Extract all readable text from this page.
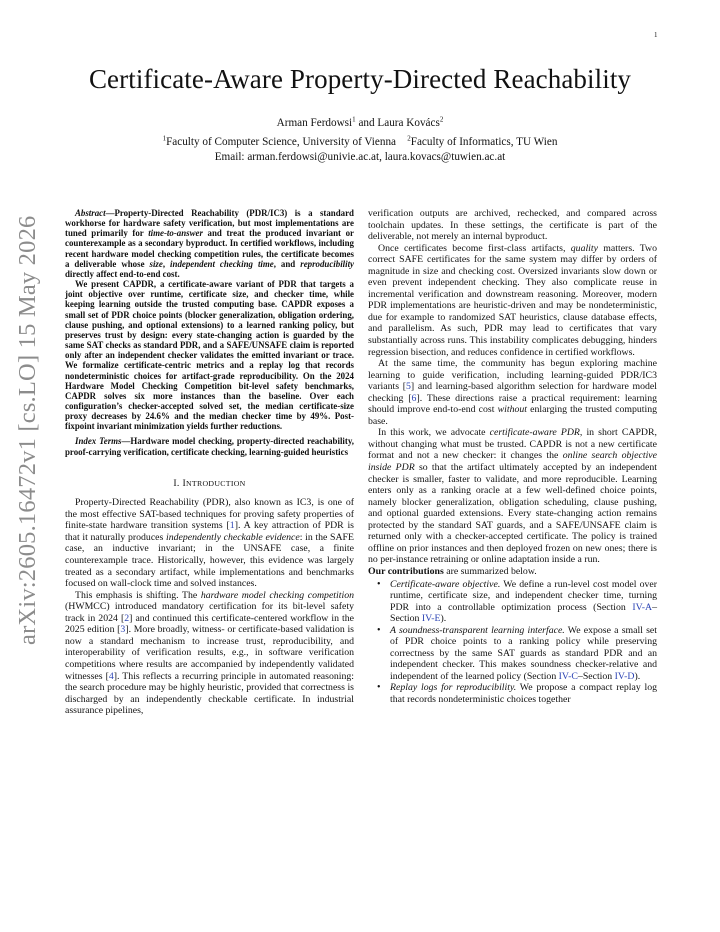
1
arXiv:2605.16472v1 [cs.LO] 15 May 2026
Certificate-Aware Property-Directed Reachability
Arman Ferdowsi$^1$ and Laura Kovács$^2$
$^1$Faculty of Computer Science, University of Vienna $^2$Faculty of Informatics, TU Wien
Email: arman.ferdowsi@univie.ac.at, laura.kovacs@tuwien.ac.at

Abstract—Property-Directed Reachability (PDR/IC3) is a standard workhorse for hardware safety verification, but most implementations are tuned primarily for time-to-answer and treat the produced invariant or counterexample as a secondary byproduct. In certified workflows, including recent hardware model checking competition rules, the certificate becomes a deliverable whose size, independent checking time, and reproducibility directly affect end-to-end cost.

We present CAPDR, a certificate-aware variant of PDR that targets a joint objective over runtime, certificate size, and checker time, while keeping learning outside the trusted computing base. CAPDR exposes a small set of PDR choice points (blocker generalization, obligation ordering, clause pushing, and optional extensions) to a learned ranking policy, but preserves trust by design: every state-changing action is guarded by the same SAT checks as standard PDR, and a SAFE/UNSAFE claim is reported only after an independent checker validates the emitted invariant or trace. We formalize certificate-centric metrics and a replay log that records nondeterministic choices for artifact-grade reproducibility. On the 2024 Hardware Model Checking Competition bit-level safety benchmarks, CAPDR solves six more instances than the baseline. Over each configuration’s checker-accepted solved set, the median certificate-size proxy decreases by 24.6% and the median checker time by 49%. Post-fixpoint invariant minimization yields further reductions.

Index Terms—Hardware model checking, property-directed reachability, proof-carrying verification, certificate checking, learning-guided heuristics

I. INTRODUCTION

Property-Directed Reachability (PDR), also known as IC3, is one of the most effective SAT-based techniques for proving safety properties of finite-state hardware transition systems [1]. A key attraction of PDR is that it naturally produces independently checkable evidence: in the SAFE case, an inductive invariant; in the UNSAFE case, a finite counterexample trace. Historically, however, this evidence was largely treated as a secondary artifact, while implementations and benchmarks focused on wall-clock time and solved instances.

This emphasis is shifting. The hardware model checking competition (HWMCC) introduced mandatory certification for its bit-level safety track in 2024 [2] and continued this certificate-centered workflow in the 2025 edition [3]. More broadly, witness- or certificate-based validation is now a standard mechanism to increase trust, reproducibility, and interoperability of verification results, e.g., in software verification competitions where results are accompanied by independently validated witnesses [4]. This reflects a recurring principle in automated reasoning: the search procedure may be highly heuristic, provided that correctness is discharged by an independently checkable certificate. In industrial assurance pipelines,

verification outputs are archived, rechecked, and compared across toolchain updates. In these settings, the certificate is part of the deliverable, not merely an internal byproduct.

Once certificates become first-class artifacts, quality matters. Two correct SAFE certificates for the same system may differ by orders of magnitude in size and checking cost. Oversized invariants slow down or even prevent independent checking. They also complicate reuse in incremental verification and downstream reasoning. Moreover, modern PDR implementations are heuristic-driven and may be nondeterministic, due for example to randomized SAT heuristics, clause database effects, and parallelism. As such, PDR may lead to certificates that vary substantially across runs. This instability complicates debugging, hinders regression bisection, and reduces confidence in certified workflows.

At the same time, the community has begun exploring machine learning to guide verification, including learning-guided PDR/IC3 variants [5] and learning-based algorithm selection for hardware model checking [6]. These directions raise a practical requirement: learning should improve end-to-end cost without enlarging the trusted computing base.

In this work, we advocate certificate-aware PDR, in short CAPDR, without changing what must be trusted. CAPDR is not a new certificate format and not a new checker: it changes the online search objective inside PDR so that the artifact ultimately accepted by an independent checker is smaller, faster to validate, and more reproducible. Learning enters only as a ranking oracle at a few well-defined choice points, namely blocker generalization, obligation scheduling, clause pushing, and optional guarded extensions. Every state-changing action remains protected by the standard SAT guards, and a SAFE/UNSAFE claim is returned only with a checker-accepted certificate. The policy is trained offline on prior instances and then deployed frozen on new ones; there is no per-instance retraining or online adaptation inside a run.

Our contributions are summarized below.

• Certificate-aware objective. We define a run-level cost model over runtime, certificate size, and independent checker time, turning PDR into a controllable optimization process (Section IV-A–Section IV-E).
• A soundness-transparent learning interface. We expose a small set of PDR choice points to a ranking policy while preserving correctness by the same SAT guards as standard PDR and an independent checker. This makes soundness checker-relative and independent of the learned policy (Section IV-C–Section IV-D).
• Replay logs for reproducibility. We propose a compact replay log that records nondeterministic choices together
